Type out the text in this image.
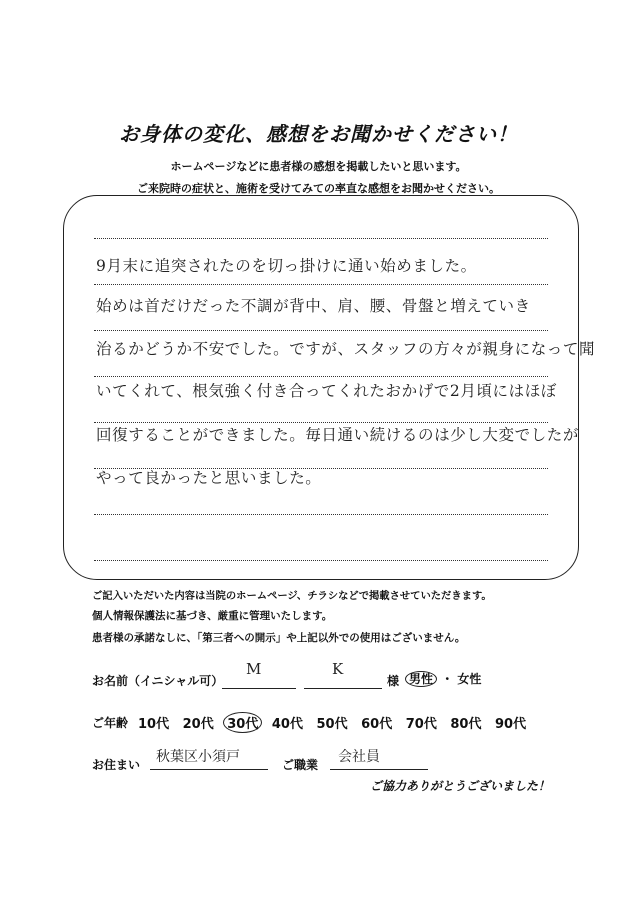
お身体の変化、感想をお聞かせください！
ホームページなどに患者様の感想を掲載したいと思います。
ご来院時の症状と、施術を受けてみての率直な感想をお聞かせください。
9月末に追突されたのを切っ掛けに通い始めました。
始めは首だけだった不調が背中、肩、腰、骨盤と増えていき
治るかどうか不安でした。ですが、スタッフの方々が親身になって聞
いてくれて、根気強く付き合ってくれたおかげで2月頃にはほぼ
回復することができました。毎日通い続けるのは少し大変でしたが
やって良かったと思いました。
ご記入いただいた内容は当院のホームページ、チラシなどで掲載させていただきます。
個人情報保護法に基づき、厳重に管理いたします。
患者様の承諾なしに、「第三者への開示」や上記以外での使用はございません。
お名前（イニシャル可）
M	K
様 男性 ・ 女性
ご年齢 10代 20代 30代 40代 50代 60代 70代 80代 90代
お住まい 秋葉区小須戸	ご職業 会社員
ご協力ありがとうございました！
